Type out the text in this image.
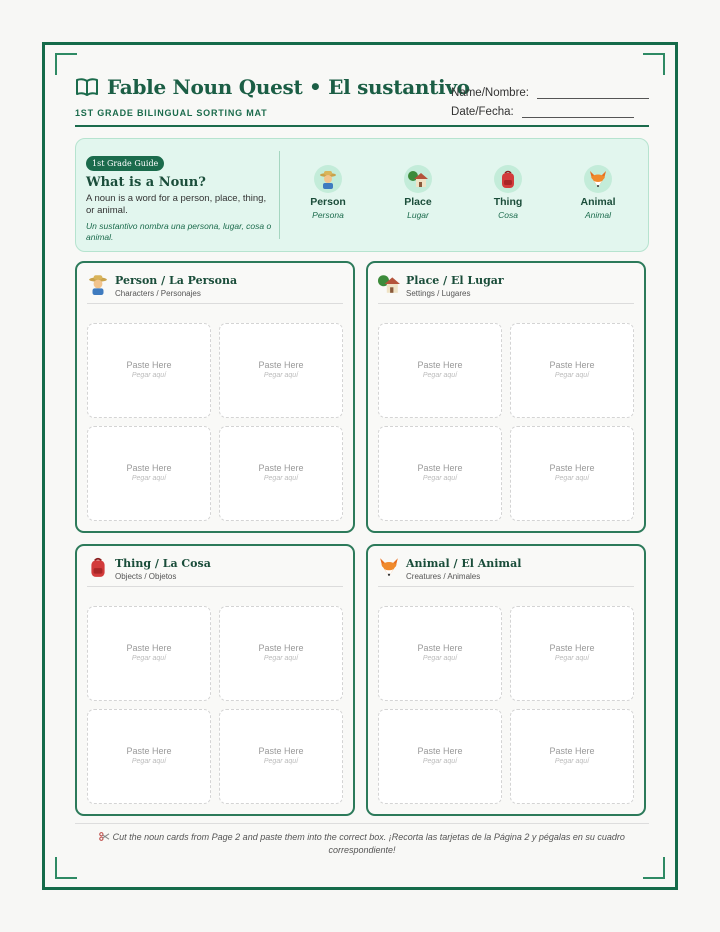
Fable Noun Quest • El sustantivo
1ST GRADE BILINGUAL SORTING MAT
Name/Nombre:
Date/Fecha:
1st Grade Guide
What is a Noun?
A noun is a word for a person, place, thing, or animal.
Un sustantivo nombra una persona, lugar, cosa o animal.
Person
Persona
Place
Lugar
Thing
Cosa
Animal
Animal
Person / La Persona
Characters / Personajes
Paste Here
Pegar aquí
Paste Here
Pegar aquí
Paste Here
Pegar aquí
Paste Here
Pegar aquí
Place / El Lugar
Settings / Lugares
Paste Here
Pegar aquí
Paste Here
Pegar aquí
Paste Here
Pegar aquí
Paste Here
Pegar aquí
Thing / La Cosa
Objects / Objetos
Paste Here
Pegar aquí
Paste Here
Pegar aquí
Paste Here
Pegar aquí
Paste Here
Pegar aquí
Animal / El Animal
Creatures / Animales
Paste Here
Pegar aquí
Paste Here
Pegar aquí
Paste Here
Pegar aquí
Paste Here
Pegar aquí
Cut the noun cards from Page 2 and paste them into the correct box. ¡Recorta las tarjetas de la Página 2 y pégalas en su cuadro correspondiente!
